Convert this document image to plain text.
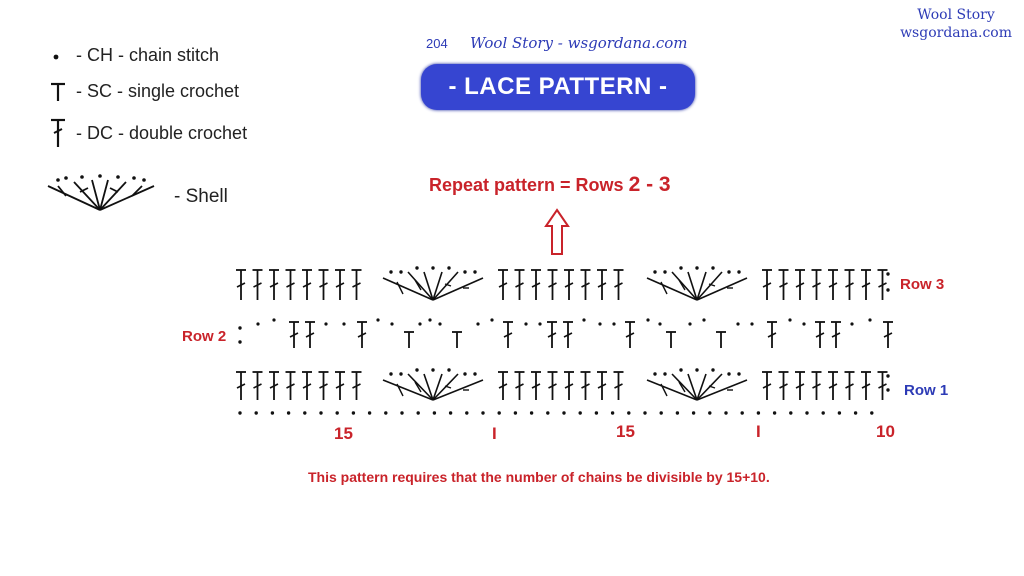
204 Wool Story - wsgordana.com
Wool Story
wsgordana.com
- LACE PATTERN -
- CH - chain stitch
- SC - single crochet
- DC - double crochet
- Shell
Repeat pattern = Rows 2 - 3
Row 3
Row 2
Row 1
15	I	15	I	10
This pattern requires that the number of chains be divisible by 15+10.
